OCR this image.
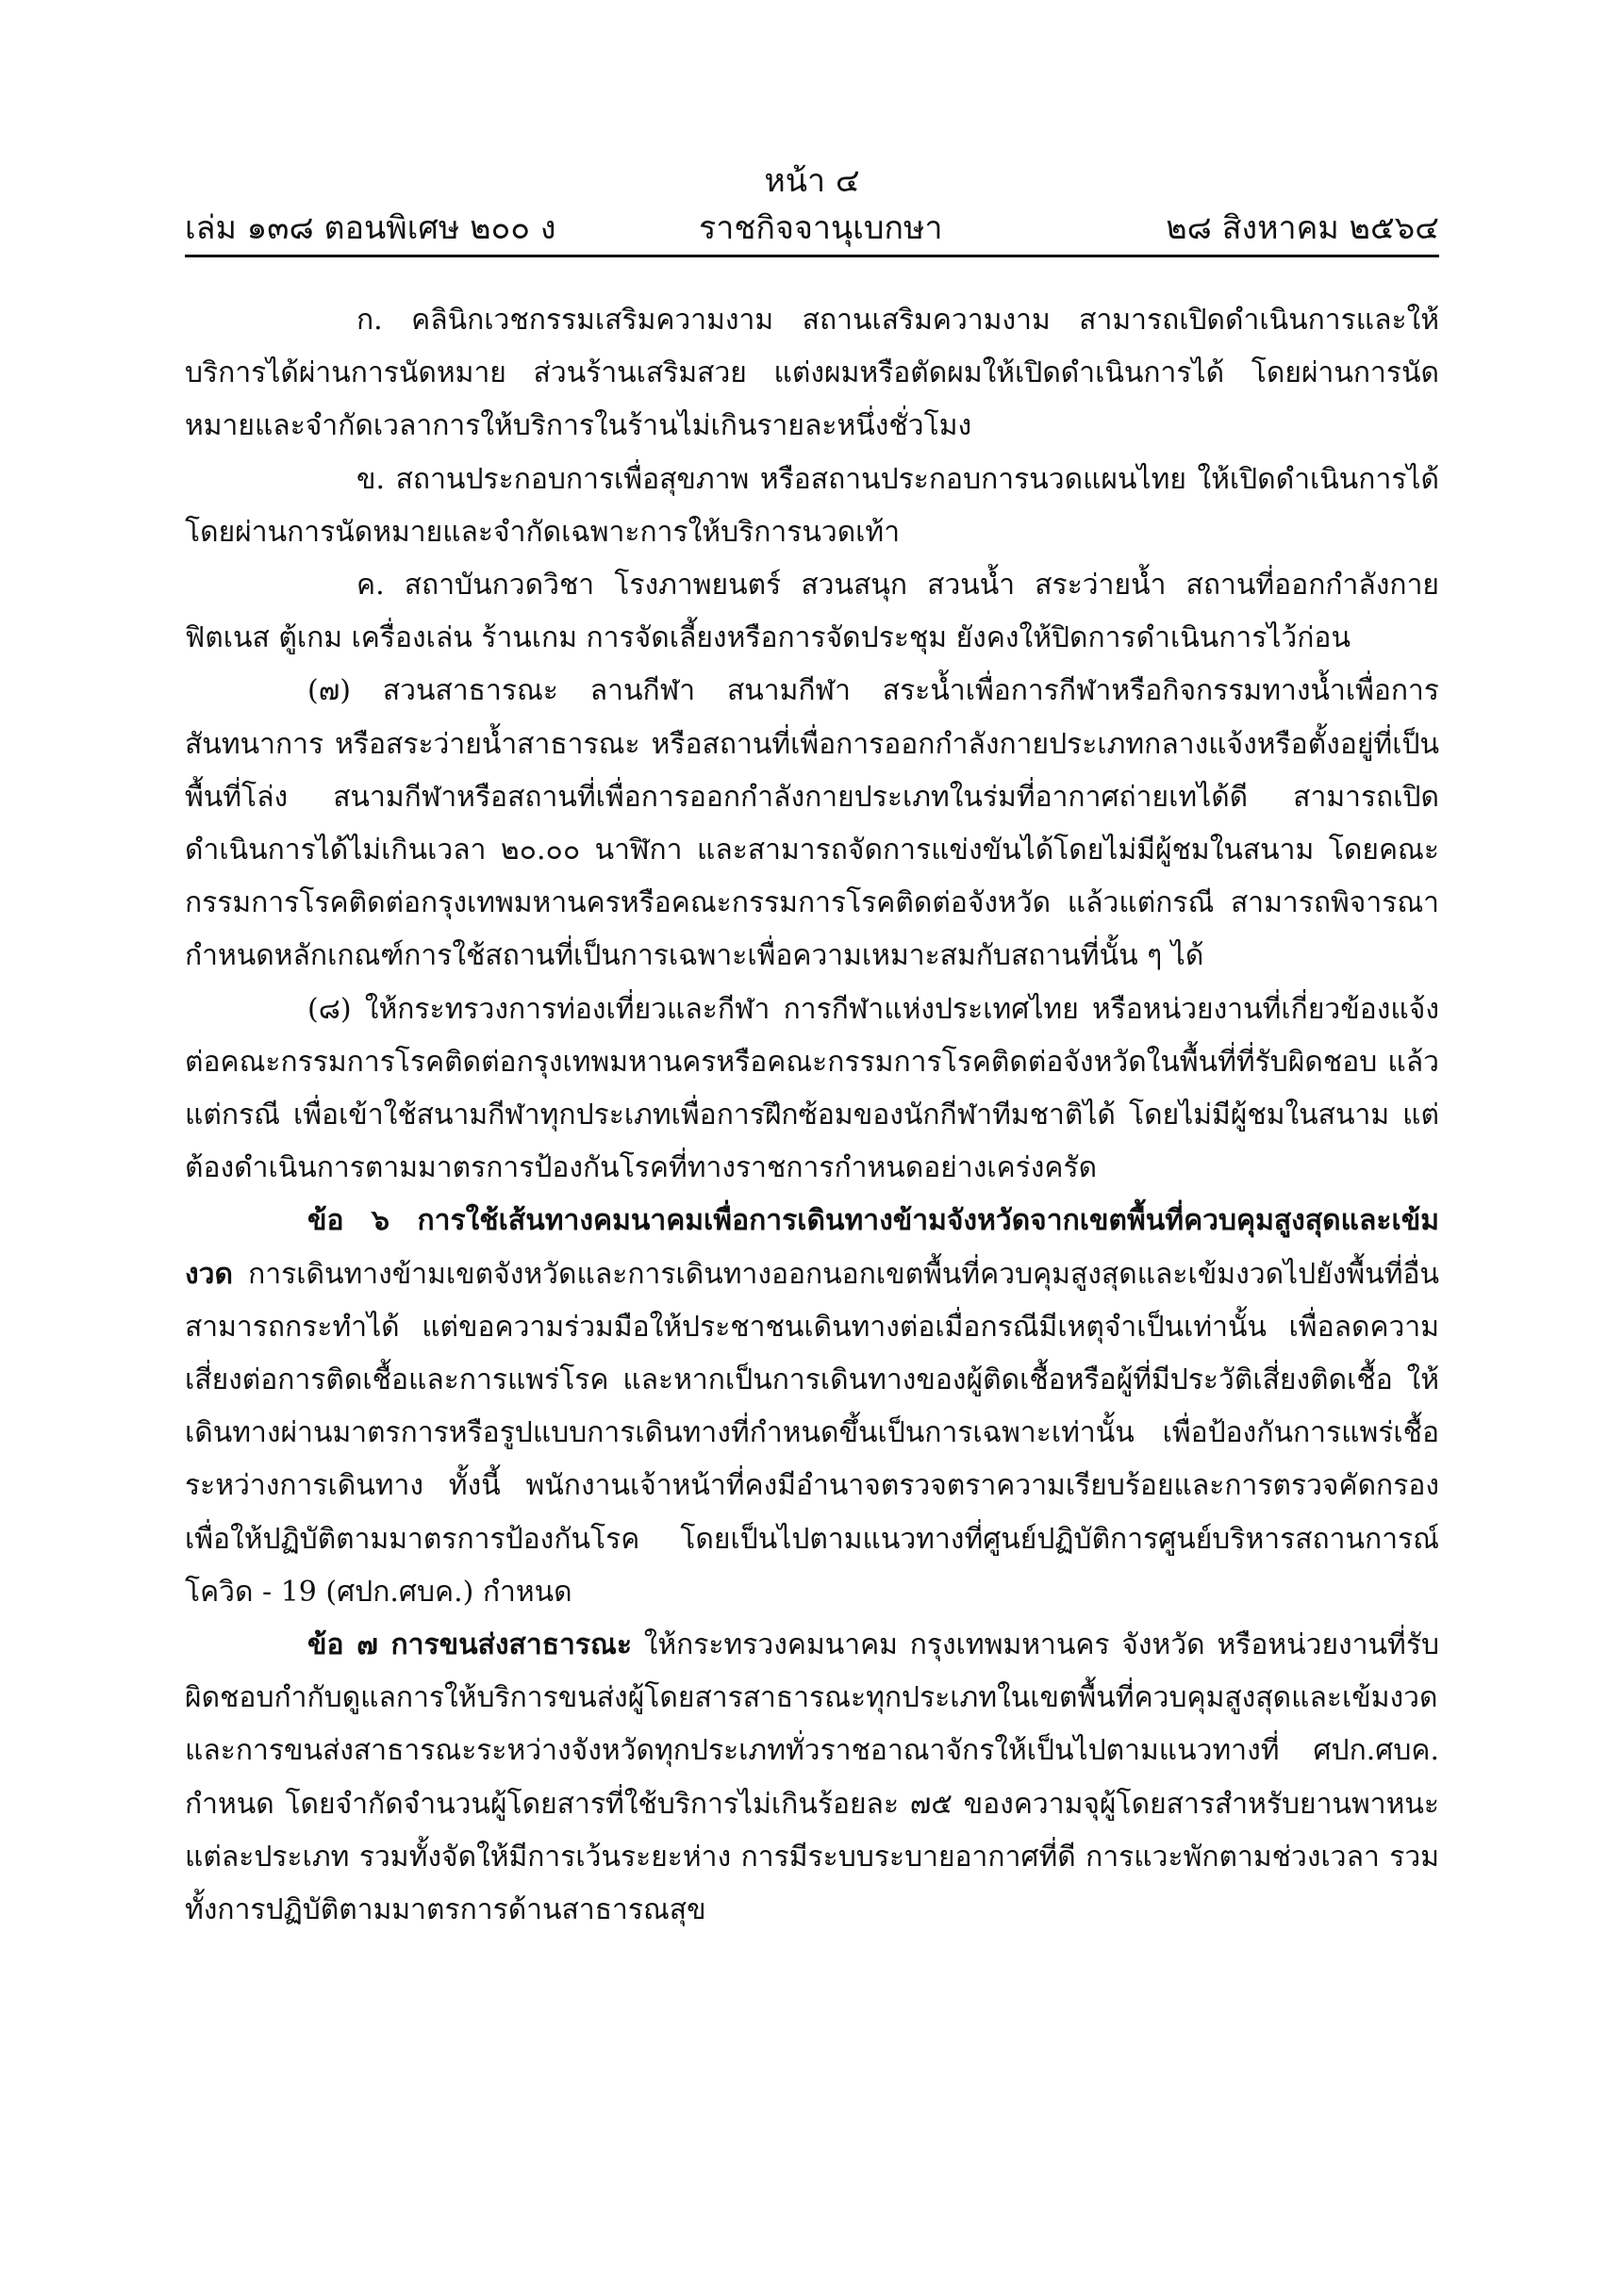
หน้า ๔
เล่ม ๑๓๘ ตอนพิเศษ ๒๐๐ ง	ราชกิจจานุเบกษา	๒๘ สิงหาคม ๒๕๖๔

ก. คลินิกเวชกรรมเสริมความงาม สถานเสริมความงาม สามารถเปิดดำเนินการและให้บริการได้ผ่านการนัดหมาย ส่วนร้านเสริมสวย แต่งผมหรือตัดผมให้เปิดดำเนินการได้ โดยผ่านการนัดหมายและจำกัดเวลาการให้บริการในร้านไม่เกินรายละหนึ่งชั่วโมง

ข. สถานประกอบการเพื่อสุขภาพ หรือสถานประกอบการนวดแผนไทย ให้เปิดดำเนินการได้โดยผ่านการนัดหมายและจำกัดเฉพาะการให้บริการนวดเท้า

ค. สถาบันกวดวิชา โรงภาพยนตร์ สวนสนุก สวนน้ำ สระว่ายน้ำ สถานที่ออกกำลังกายฟิตเนส ตู้เกม เครื่องเล่น ร้านเกม การจัดเลี้ยงหรือการจัดประชุม ยังคงให้ปิดการดำเนินการไว้ก่อน

(๗) สวนสาธารณะ ลานกีฬา สนามกีฬา สระน้ำเพื่อการกีฬาหรือกิจกรรมทางน้ำเพื่อการสันทนาการ หรือสระว่ายน้ำสาธารณะ หรือสถานที่เพื่อการออกกำลังกายประเภทกลางแจ้งหรือตั้งอยู่ที่เป็นพื้นที่โล่ง สนามกีฬาหรือสถานที่เพื่อการออกกำลังกายประเภทในร่มที่อากาศถ่ายเทได้ดี สามารถเปิดดำเนินการได้ไม่เกินเวลา ๒๐.๐๐ นาฬิกา และสามารถจัดการแข่งขันได้โดยไม่มีผู้ชมในสนาม โดยคณะกรรมการโรคติดต่อกรุงเทพมหานครหรือคณะกรรมการโรคติดต่อจังหวัด แล้วแต่กรณี สามารถพิจารณากำหนดหลักเกณฑ์การใช้สถานที่เป็นการเฉพาะเพื่อความเหมาะสมกับสถานที่นั้น ๆ ได้

(๘) ให้กระทรวงการท่องเที่ยวและกีฬา การกีฬาแห่งประเทศไทย หรือหน่วยงานที่เกี่ยวข้องแจ้งต่อคณะกรรมการโรคติดต่อกรุงเทพมหานครหรือคณะกรรมการโรคติดต่อจังหวัดในพื้นที่ที่รับผิดชอบ แล้วแต่กรณี เพื่อเข้าใช้สนามกีฬาทุกประเภทเพื่อการฝึกซ้อมของนักกีฬาทีมชาติได้ โดยไม่มีผู้ชมในสนาม แต่ต้องดำเนินการตามมาตรการป้องกันโรคที่ทางราชการกำหนดอย่างเคร่งครัด

ข้อ ๖ การใช้เส้นทางคมนาคมเพื่อการเดินทางข้ามจังหวัดจากเขตพื้นที่ควบคุมสูงสุดและเข้มงวด การเดินทางข้ามเขตจังหวัดและการเดินทางออกนอกเขตพื้นที่ควบคุมสูงสุดและเข้มงวดไปยังพื้นที่อื่นสามารถกระทำได้ แต่ขอความร่วมมือให้ประชาชนเดินทางต่อเมื่อกรณีมีเหตุจำเป็นเท่านั้น เพื่อลดความเสี่ยงต่อการติดเชื้อและการแพร่โรค และหากเป็นการเดินทางของผู้ติดเชื้อหรือผู้ที่มีประวัติเสี่ยงติดเชื้อ ให้เดินทางผ่านมาตรการหรือรูปแบบการเดินทางที่กำหนดขึ้นเป็นการเฉพาะเท่านั้น เพื่อป้องกันการแพร่เชื้อระหว่างการเดินทาง ทั้งนี้ พนักงานเจ้าหน้าที่คงมีอำนาจตรวจตราความเรียบร้อยและการตรวจคัดกรองเพื่อให้ปฏิบัติตามมาตรการป้องกันโรค โดยเป็นไปตามแนวทางที่ศูนย์ปฏิบัติการศูนย์บริหารสถานการณ์โควิด - 19 (ศปก.ศบค.) กำหนด

ข้อ ๗ การขนส่งสาธารณะ ให้กระทรวงคมนาคม กรุงเทพมหานคร จังหวัด หรือหน่วยงานที่รับผิดชอบกำกับดูแลการให้บริการขนส่งผู้โดยสารสาธารณะทุกประเภทในเขตพื้นที่ควบคุมสูงสุดและเข้มงวด และการขนส่งสาธารณะระหว่างจังหวัดทุกประเภททั่วราชอาณาจักรให้เป็นไปตามแนวทางที่ ศปก.ศบค. กำหนด โดยจำกัดจำนวนผู้โดยสารที่ใช้บริการไม่เกินร้อยละ ๗๕ ของความจุผู้โดยสารสำหรับยานพาหนะแต่ละประเภท รวมทั้งจัดให้มีการเว้นระยะห่าง การมีระบบระบายอากาศที่ดี การแวะพักตามช่วงเวลา รวมทั้งการปฏิบัติตามมาตรการด้านสาธารณสุข
